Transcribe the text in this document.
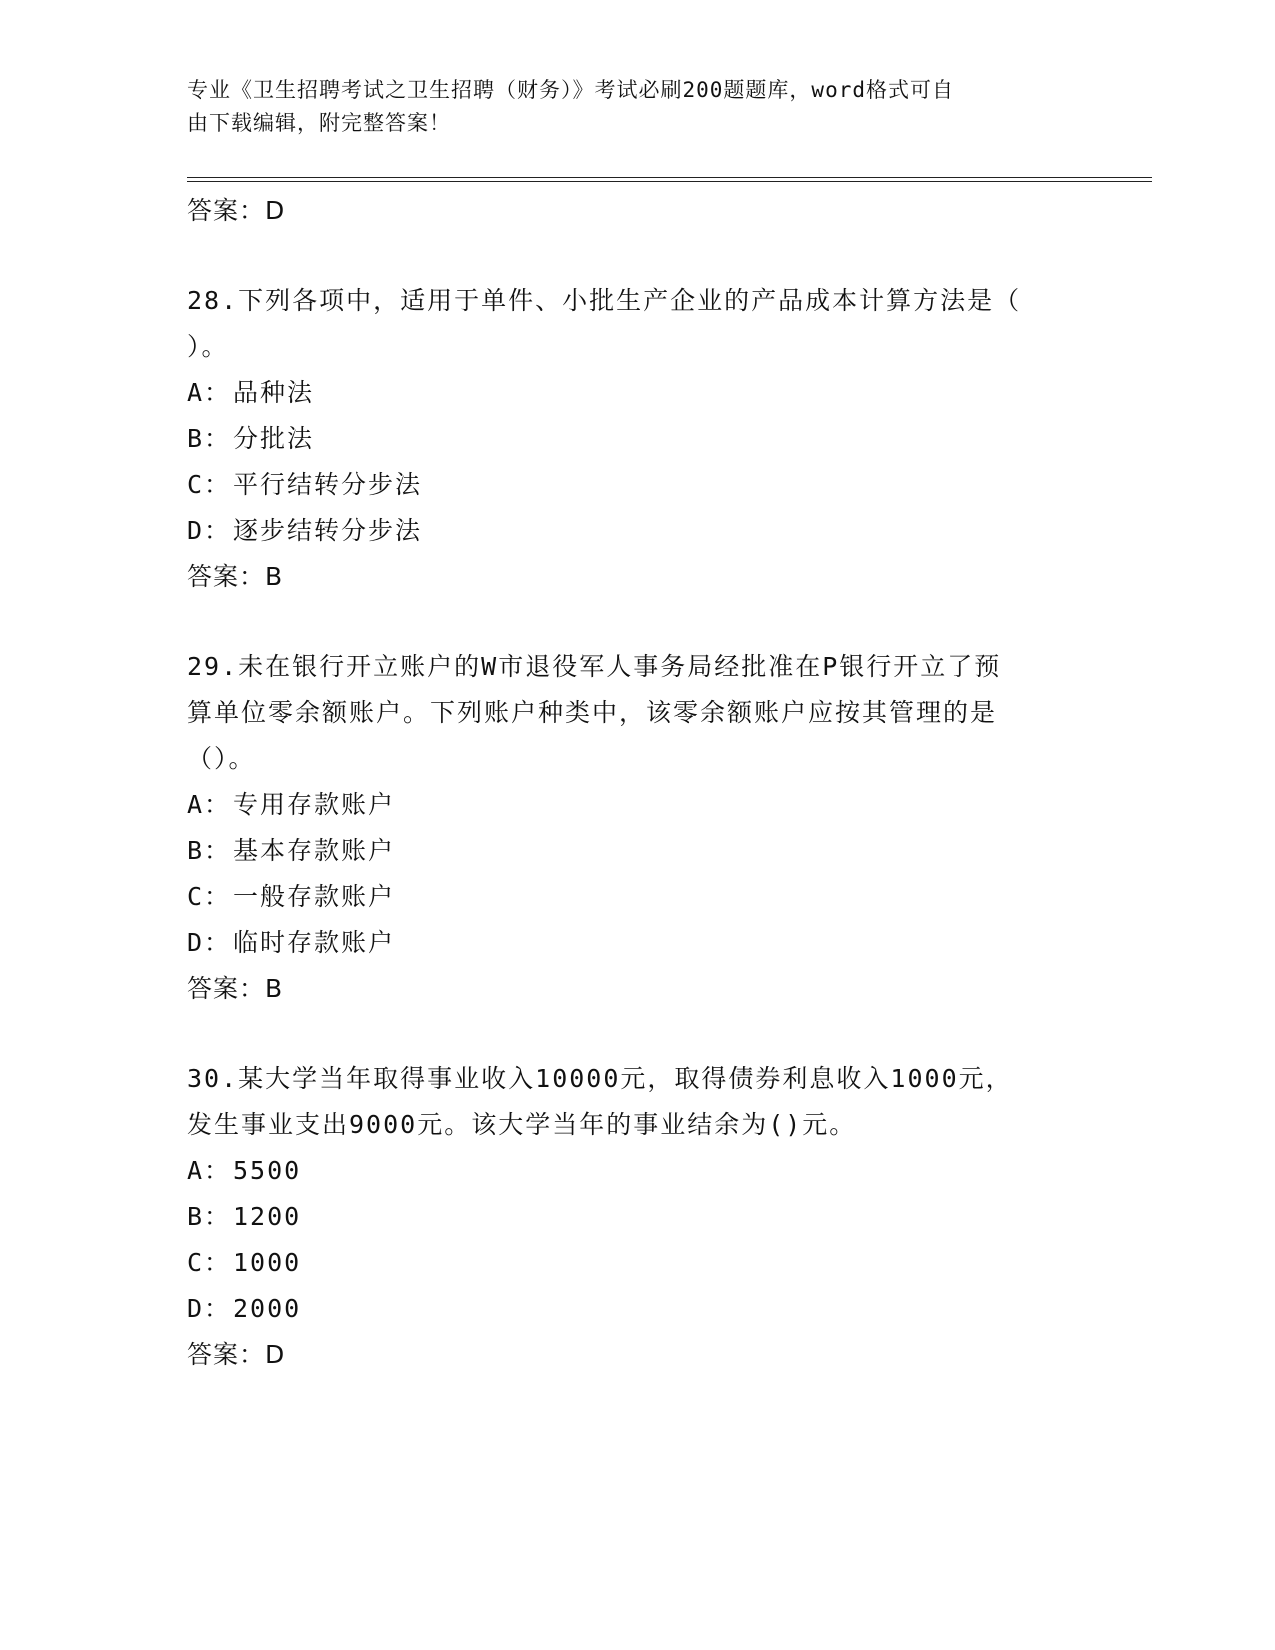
专业《卫生招聘考试之卫生招聘（财务）》考试必刷200题题库，word格式可自
由下载编辑，附完整答案！
答案：D
28.下列各项中，适用于单件、小批生产企业的产品成本计算方法是（
）。
A：品种法
B：分批法
C：平行结转分步法
D：逐步结转分步法
答案：B
29.未在银行开立账户的W市退役军人事务局经批准在P银行开立了预
算单位零余额账户。下列账户种类中，该零余额账户应按其管理的是
（）。
A：专用存款账户
B：基本存款账户
C：一般存款账户
D：临时存款账户
答案：B
30.某大学当年取得事业收入10000元，取得债券利息收入1000元，
发生事业支出9000元。该大学当年的事业结余为()元。
A：5500
B：1200
C：1000
D：2000
答案：D
